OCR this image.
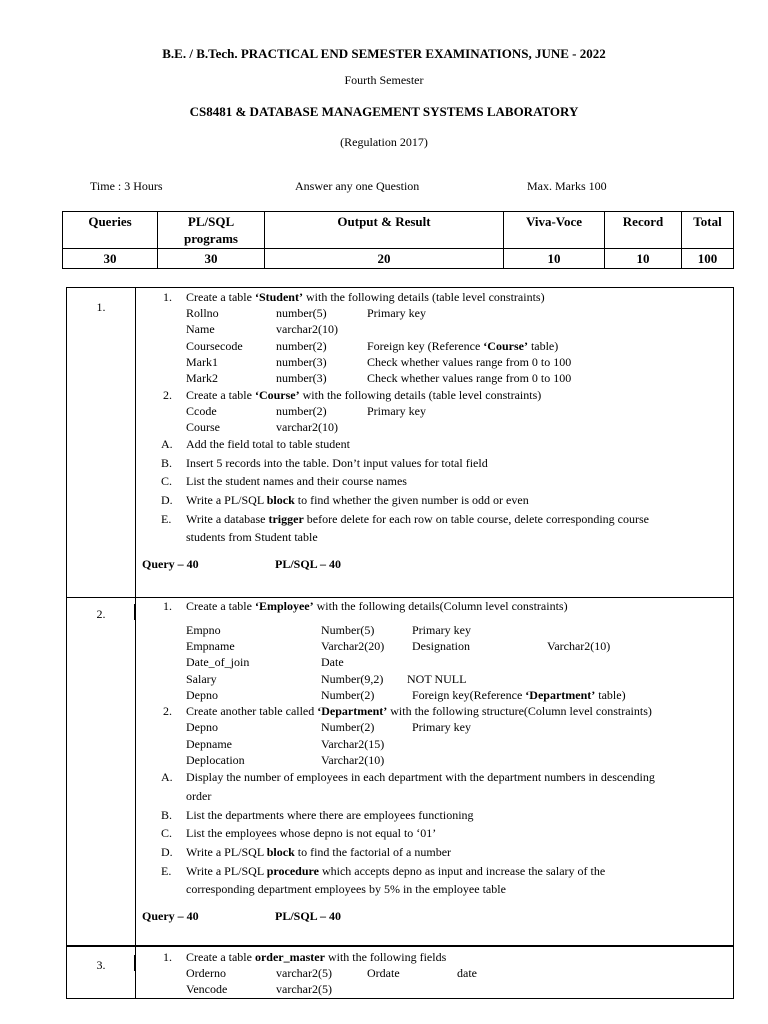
B.E. / B.Tech. PRACTICAL END SEMESTER EXAMINATIONS, JUNE - 2022
Fourth Semester
CS8481 & DATABASE MANAGEMENT SYSTEMS LABORATORY
(Regulation 2017)
Time : 3 Hours	Answer any one Question	Max. Marks 100
Queries	PL/SQL programs	Output & Result	Viva-Voce	Record	Total
30	30	20	10	10	100
1.
1. Create a table ‘Student’ with the following details (table level constraints)
Rollno	number(5)	Primary key
Name	varchar2(10)
Coursecode	number(2)	Foreign key (Reference ‘Course’ table)
Mark1	number(3)	Check whether values range from 0 to 100
Mark2	number(3)	Check whether values range from 0 to 100
2. Create a table ‘Course’ with the following details (table level constraints)
Ccode	number(2)	Primary key
Course	varchar2(10)
A. Add the field total to table student
B. Insert 5 records into the table. Don’t input values for total field
C. List the student names and their course names
D. Write a PL/SQL block to find whether the given number is odd or even
E. Write a database trigger before delete for each row on table course, delete corresponding course
students from Student table
Query – 40	PL/SQL – 40
2.
1. Create a table ‘Employee’ with the following details(Column level constraints)
Empno	Number(5)	Primary key
Empname	Varchar2(20) Designation	Varchar2(10)
Date_of_join	Date
Salary	Number(9,2) NOT NULL
Depno	Number(2)	Foreign key(Reference ‘Department’ table)
2. Create another table called ‘Department’ with the following structure(Column level constraints)
Depno	Number(2)	Primary key
Depname	Varchar2(15)
Deplocation	Varchar2(10)
A. Display the number of employees in each department with the department numbers in descending
order
B. List the departments where there are employees functioning
C. List the employees whose depno is not equal to ‘01’
D. Write a PL/SQL block to find the factorial of a number
E. Write a PL/SQL procedure which accepts depno as input and increase the salary of the
corresponding department employees by 5% in the employee table
Query – 40	PL/SQL – 40
3.
1. Create a table order_master with the following fields
Orderno	varchar2(5)	Ordate	date
Vencode	varchar2(5)
